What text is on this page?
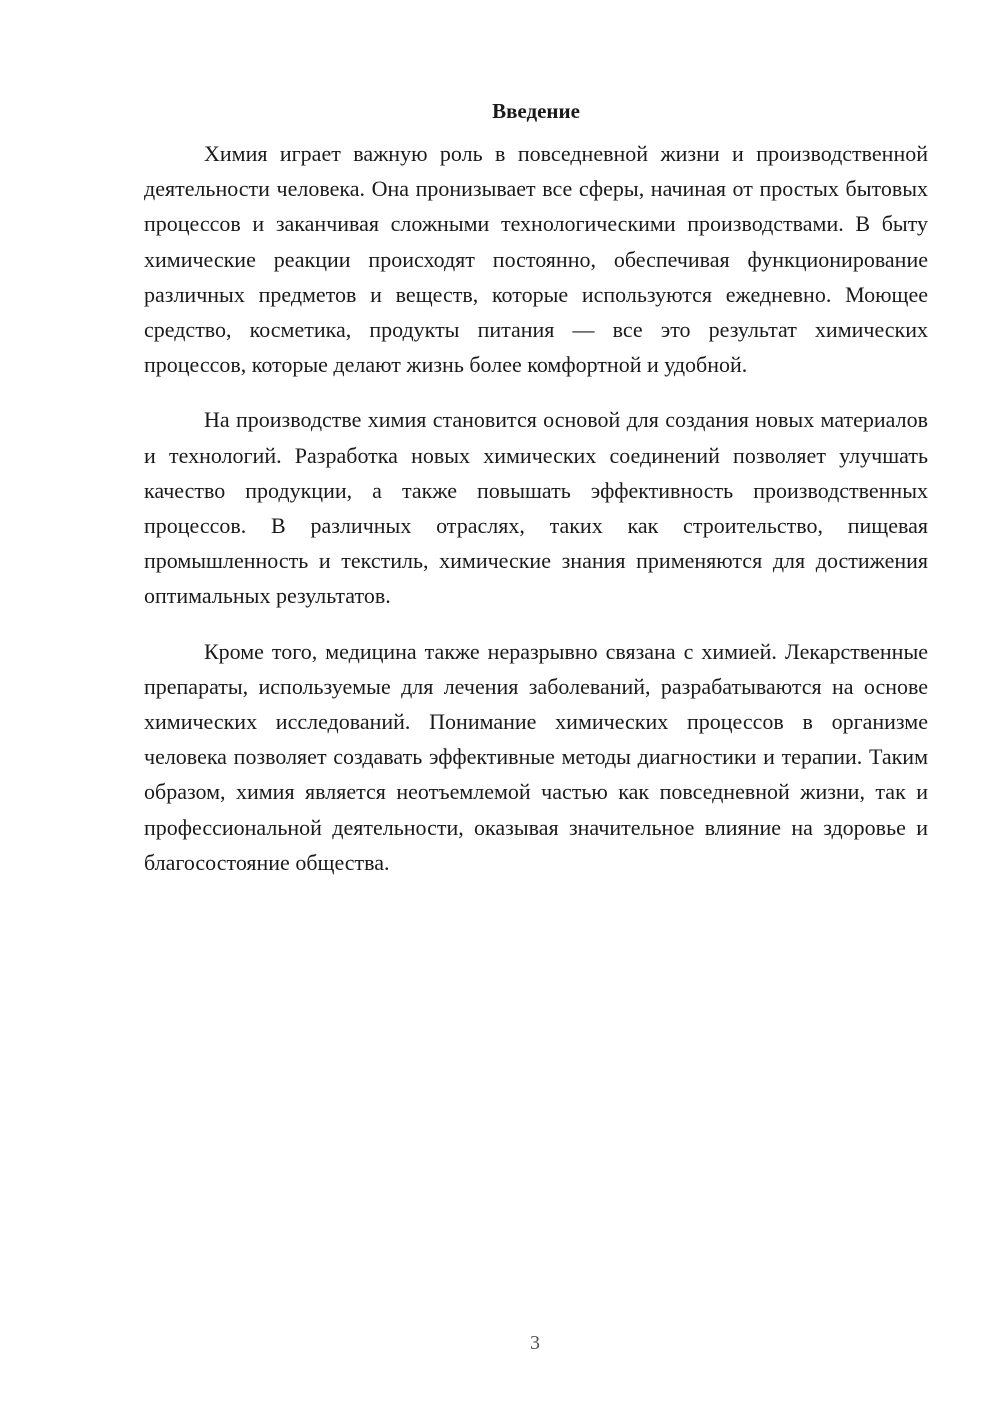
Введение

Химия играет важную роль в повседневной жизни и производственной деятельности человека. Она пронизывает все сферы, начиная от простых бытовых процессов и заканчивая сложными технологическими производствами. В быту химические реакции происходят постоянно, обеспечивая функционирование различных предметов и веществ, которые используются ежедневно. Моющее средство, косметика, продукты питания — все это результат химических процессов, которые делают жизнь более комфортной и удобной.

На производстве химия становится основой для создания новых материалов и технологий. Разработка новых химических соединений позволяет улучшать качество продукции, а также повышать эффективность производственных процессов. В различных отраслях, таких как строительство, пищевая промышленность и текстиль, химические знания применяются для достижения оптимальных результатов.

Кроме того, медицина также неразрывно связана с химией. Лекарственные препараты, используемые для лечения заболеваний, разрабатываются на основе химических исследований. Понимание химических процессов в организме человека позволяет создавать эффективные методы диагностики и терапии. Таким образом, химия является неотъемлемой частью как повседневной жизни, так и профессиональной деятельности, оказывая значительное влияние на здоровье и благосостояние общества.

3
